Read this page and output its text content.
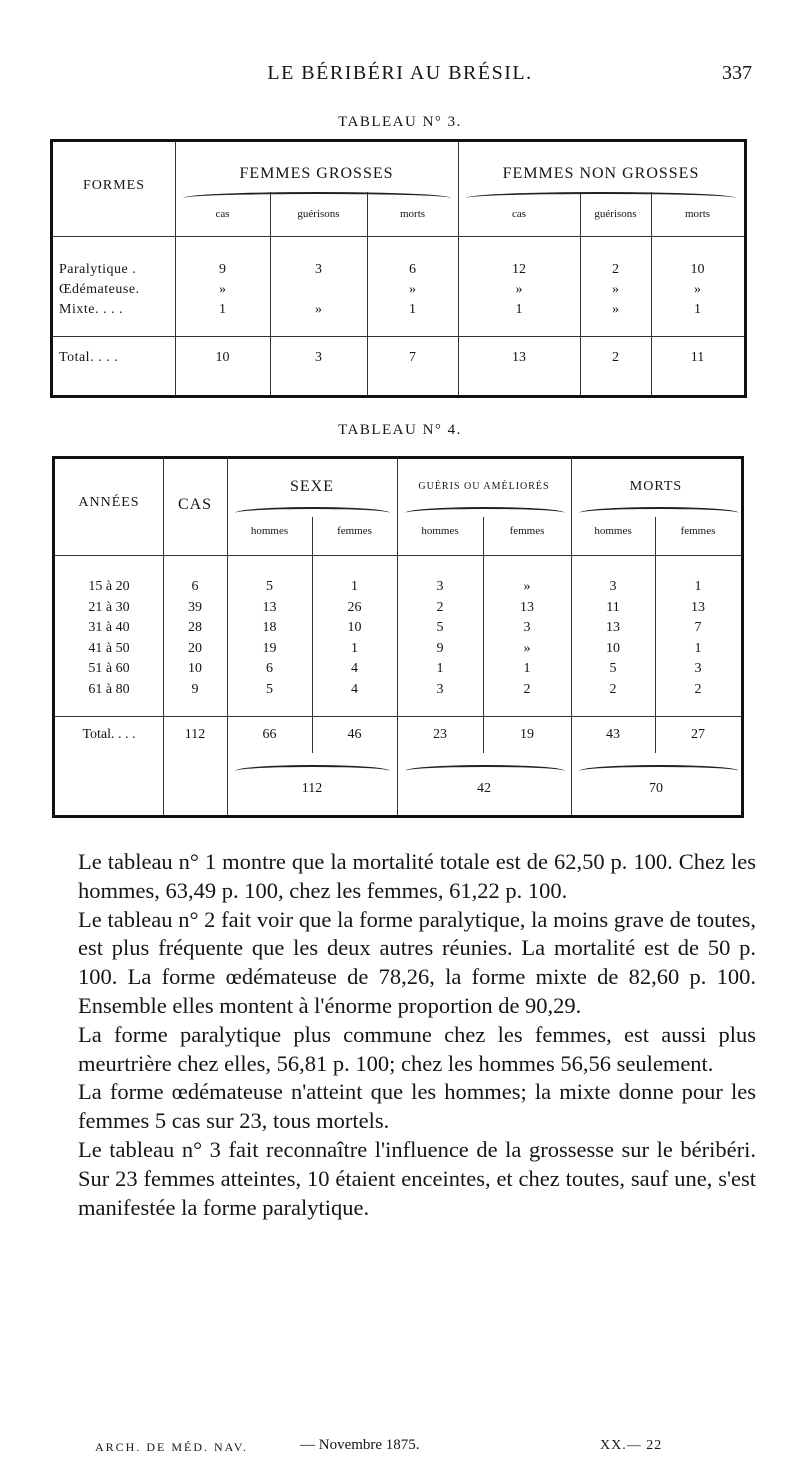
LE BÉRIBÉRI AU BRÉSIL.	337
TABLEAU N° 3.
FORMES
FEMMES GROSSES	FEMMES NON GROSSES
cas	guérisons	morts	cas	guérisons	morts
Paralytique .	9	3	6	12	2	10
Œdémateuse.	»	»	»	»	»
Mixte. . . .	1	»	1	1	»	1
Total. . . .	10	3	7	13	2	11
TABLEAU N° 4.
ANNÉES	CAS
SEXE	GUÉRIS OU AMÉLIORÉS	MORTS
hommes	femmes	hommes	femmes	hommes	femmes
15 à 20	6	5	1	3	»	3	1
21 à 30	39	13	26	2	13	11	13
31 à 40	28	18	10	5	3	13	7
41 à 50	20	19	1	9	»	10	1
51 à 60	10	6	4	1	1	5	3
61 à 80	9	5	4	3	2	2	2
Total. . . .	112	66	46	23	19	43	27
112	42	70

Le tableau n° 1 montre que la mortalité totale est de 62,50 p. 100. Chez les hommes, 63,49 p. 100, chez les femmes, 61,22 p. 100.

Le tableau n° 2 fait voir que la forme paralytique, la moins grave de toutes, est plus fréquente que les deux autres réunies. La mortalité est de 50 p. 100. La forme œdémateuse de 78,26, la forme mixte de 82,60 p. 100. Ensemble elles montent à l'énorme proportion de 90,29.

La forme paralytique plus commune chez les femmes, est aussi plus meurtrière chez elles, 56,81 p. 100; chez les hommes 56,56 seulement.

La forme œdémateuse n'atteint que les hommes; la mixte donne pour les femmes 5 cas sur 23, tous mortels.

Le tableau n° 3 fait reconnaître l'influence de la grossesse sur le béribéri. Sur 23 femmes atteintes, 10 étaient enceintes, et chez toutes, sauf une, s'est manifestée la forme paralytique.

ARCH. DE MÉD. NAV.	— Novembre 1875.	XX.— 22
